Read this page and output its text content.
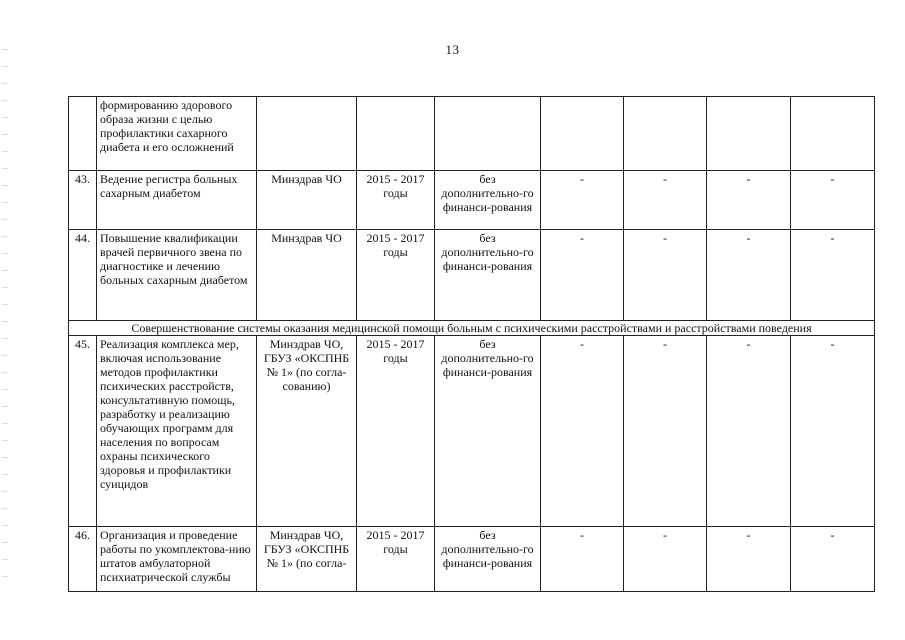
13
	формированию здорового образа жизни с целью профилактики сахарного диабета и его осложнений							
43.	Ведение регистра больных сахарным диабетом	Минздрав ЧО	2015 - 2017 годы	без дополнительно-го финанси-рования	-	-	-	-
44.	Повышение квалификации врачей первичного звена по диагностике и лечению больных сахарным диабетом	Минздрав ЧО	2015 - 2017 годы	без дополнительно-го финанси-рования	-	-	-	-
Совершенствование системы оказания медицинской помощи больным с психическими расстройствами и расстройствами поведения								
45.	Реализация комплекса мер, включая использование методов профилактики психических расстройств, консультативную помощь, разработку и реализацию обучающих программ для населения по вопросам охраны психического здоровья и профилактики суицидов	Минздрав ЧО, ГБУЗ «ОКСПНБ № 1» (по согла-сованию)	2015 - 2017 годы	без дополнительно-го финанси-рования	-	-	-	-
46.	Организация и проведение работы по укомплектова-нию штатов амбулаторной психиатрической службы	Минздрав ЧО, ГБУЗ «ОКСПНБ № 1» (по согла-	2015 - 2017 годы	без дополнительно-го финанси-рования	-	-	-	-
